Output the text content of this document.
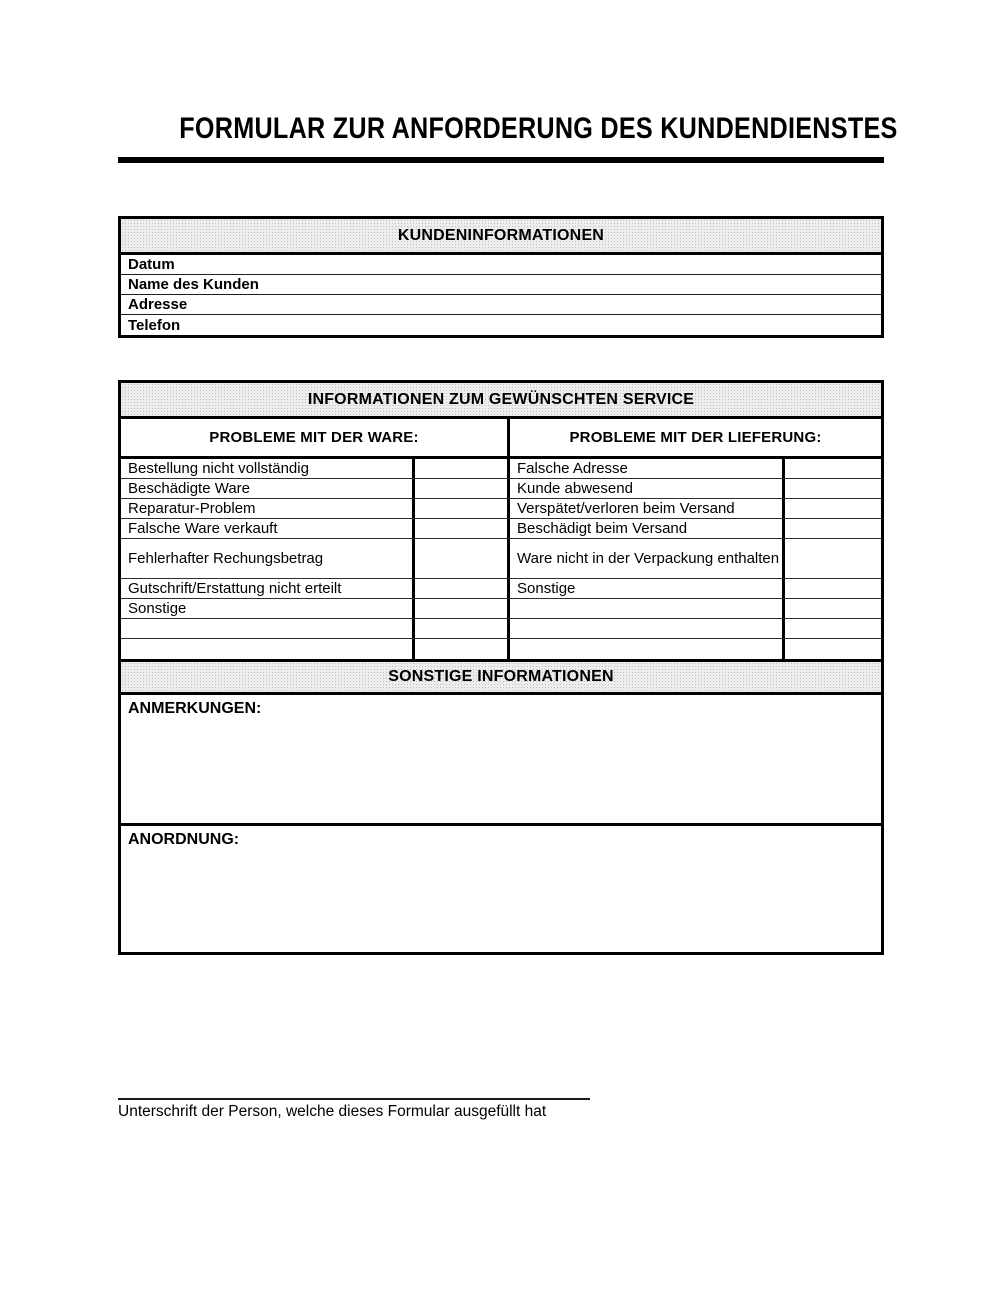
FORMULAR ZUR ANFORDERUNG DES KUNDENDIENSTES
KUNDENINFORMATIONEN
Datum
Name des Kunden
Adresse
Telefon
INFORMATIONEN ZUM GEWÜNSCHTEN SERVICE
PROBLEME MIT DER WARE:	PROBLEME MIT DER LIEFERUNG:
Bestellung nicht vollständig	Falsche Adresse
Beschädigte Ware	Kunde abwesend
Reparatur-Problem	Verspätet/verloren beim Versand
Falsche Ware verkauft	Beschädigt beim Versand
Fehlerhafter Rechungsbetrag	Ware nicht in der Verpackung enthalten
Gutschrift/Erstattung nicht erteilt	Sonstige
Sonstige
SONSTIGE INFORMATIONEN
ANMERKUNGEN:
ANORDNUNG:
Unterschrift der Person, welche dieses Formular ausgefüllt hat
